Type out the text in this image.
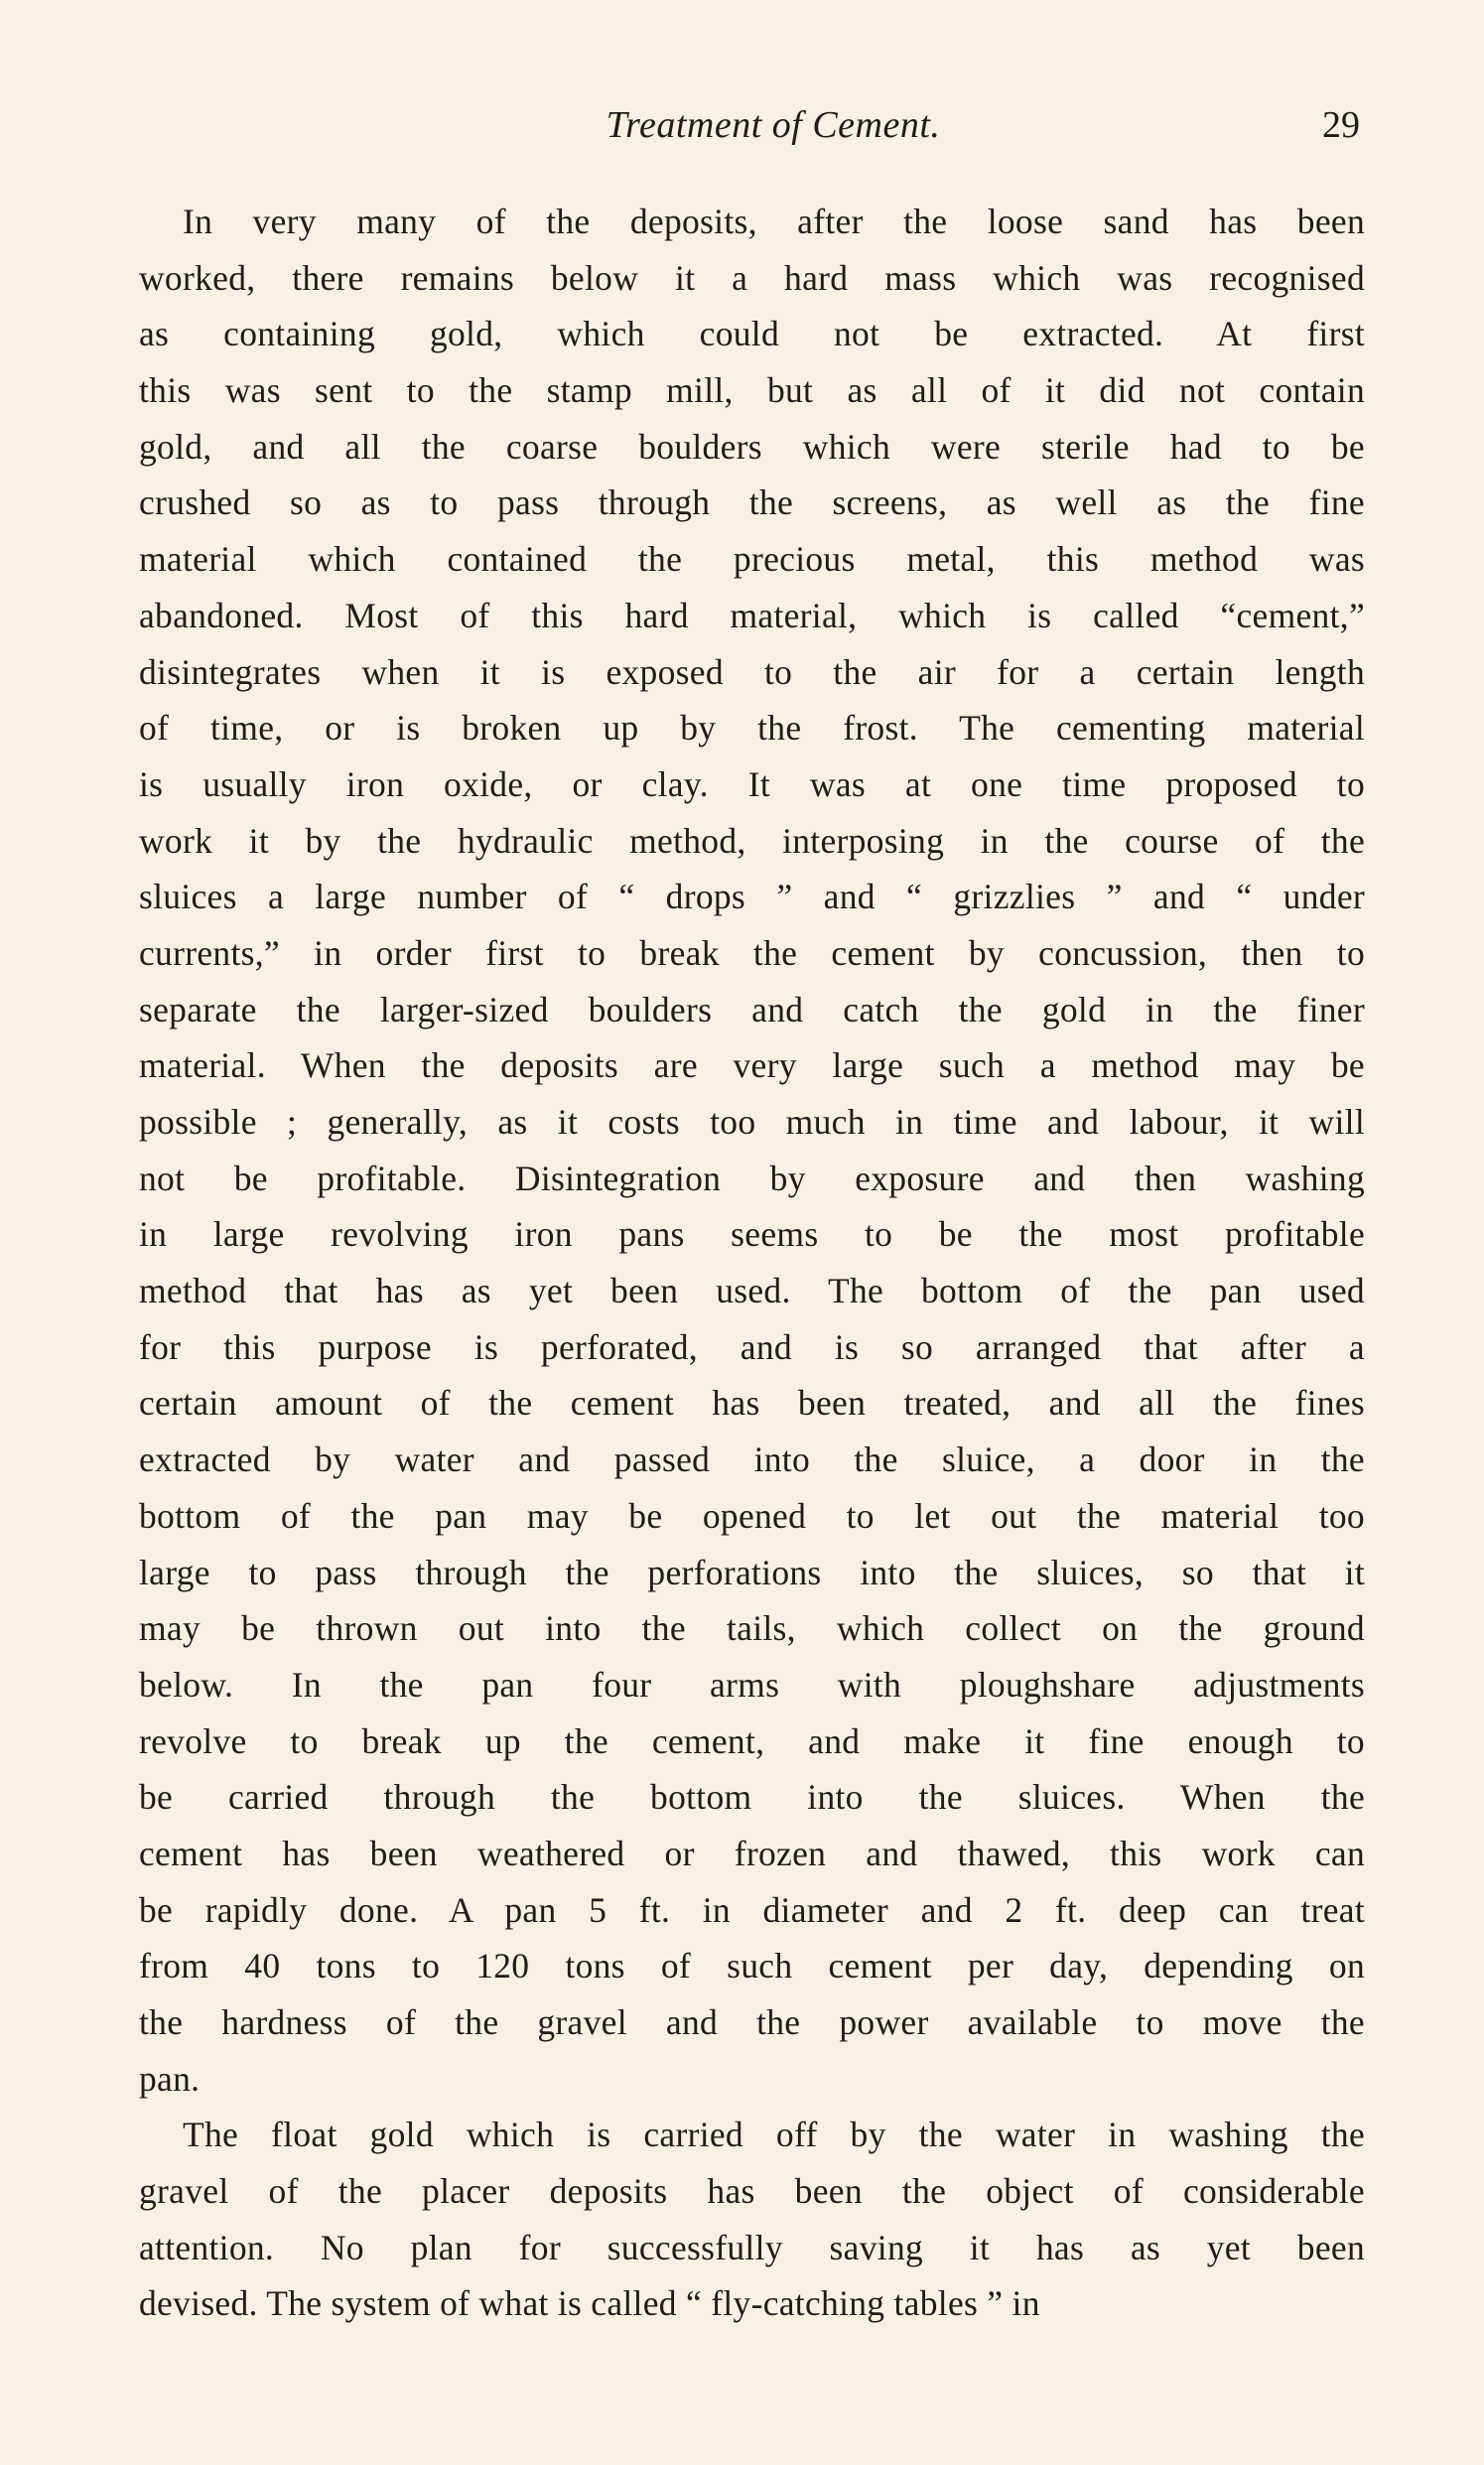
Treatment of Cement.	29
In very many of the deposits, after the loose sand has been
worked, there remains below it a hard mass which was recognised
as containing gold, which could not be extracted. At first
this was sent to the stamp mill, but as all of it did not contain
gold, and all the coarse boulders which were sterile had to be
crushed so as to pass through the screens, as well as the fine
material which contained the precious metal, this method was
abandoned. Most of this hard material, which is called “cement,”
disintegrates when it is exposed to the air for a certain length
of time, or is broken up by the frost. The cementing material
is usually iron oxide, or clay. It was at one time proposed to
work it by the hydraulic method, interposing in the course of the
sluices a large number of “ drops ” and “ grizzlies ” and “ under
currents,” in order first to break the cement by concussion, then to
separate the larger-sized boulders and catch the gold in the finer
material. When the deposits are very large such a method may be
possible ; generally, as it costs too much in time and labour, it will
not be profitable. Disintegration by exposure and then washing
in large revolving iron pans seems to be the most profitable
method that has as yet been used. The bottom of the pan used
for this purpose is perforated, and is so arranged that after a
certain amount of the cement has been treated, and all the fines
extracted by water and passed into the sluice, a door in the
bottom of the pan may be opened to let out the material too
large to pass through the perforations into the sluices, so that it
may be thrown out into the tails, which collect on the ground
below. In the pan four arms with ploughshare adjustments
revolve to break up the cement, and make it fine enough to
be carried through the bottom into the sluices. When the
cement has been weathered or frozen and thawed, this work can
be rapidly done. A pan 5 ft. in diameter and 2 ft. deep can treat
from 40 tons to 120 tons of such cement per day, depending on
the hardness of the gravel and the power available to move the
pan.
The float gold which is carried off by the water in washing the
gravel of the placer deposits has been the object of considerable
attention. No plan for successfully saving it has as yet been
devised. The system of what is called “ fly-catching tables ” in
